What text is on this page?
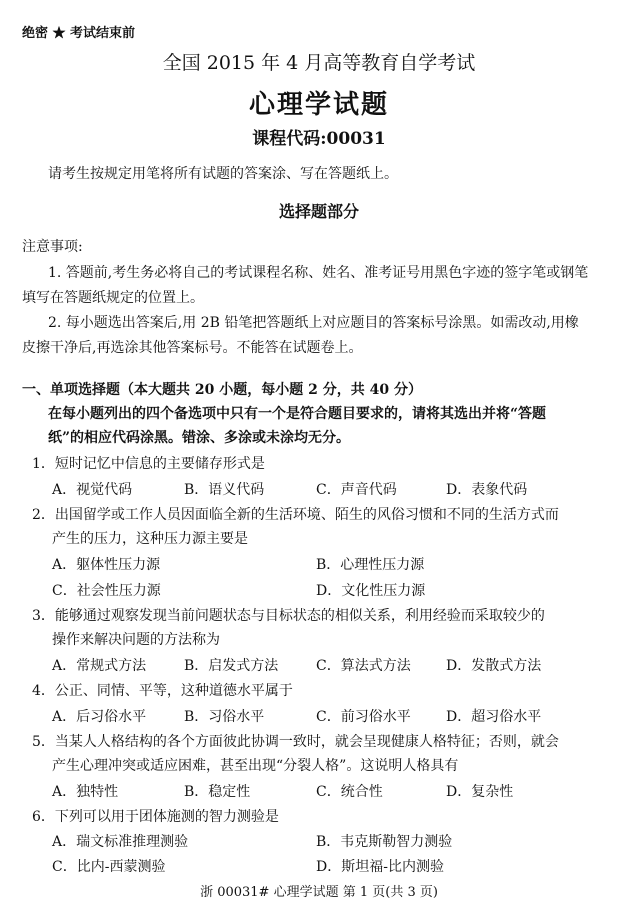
绝密 ★ 考试结束前
全国 2015 年 4 月高等教育自学考试
心理学试题
课程代码:00031
请考生按规定用笔将所有试题的答案涂、写在答题纸上。
选择题部分
注意事项:
1. 答题前,考生务必将自己的考试课程名称、姓名、准考证号用黑色字迹的签字笔或钢笔
填写在答题纸规定的位置上。
2. 每小题选出答案后,用 2B 铅笔把答题纸上对应题目的答案标号涂黑。如需改动,用橡
皮擦干净后,再选涂其他答案标号。不能答在试题卷上。
一、单项选择题（本大题共 20 小题，每小题 2 分，共 40 分）
在每小题列出的四个备选项中只有一个是符合题目要求的，请将其选出并将“答题
纸”的相应代码涂黑。错涂、多涂或未涂均无分。
1．短时记忆中信息的主要储存形式是
A．视觉代码	B．语义代码	C．声音代码	D．表象代码
2．出国留学或工作人员因面临全新的生活环境、陌生的风俗习惯和不同的生活方式而
产生的压力，这种压力源主要是
A．躯体性压力源	B．心理性压力源
C．社会性压力源	D．文化性压力源
3．能够通过观察发现当前问题状态与目标状态的相似关系，利用经验而采取较少的
操作来解决问题的方法称为
A．常规式方法	B．启发式方法	C．算法式方法	D．发散式方法
4．公正、同情、平等，这种道德水平属于
A．后习俗水平	B．习俗水平	C．前习俗水平	D．超习俗水平
5．当某人人格结构的各个方面彼此协调一致时，就会呈现健康人格特征；否则，就会
产生心理冲突或适应困难，甚至出现“分裂人格”。这说明人格具有
A．独特性	B．稳定性	C．统合性	D．复杂性
6．下列可以用于团体施测的智力测验是
A．瑞文标准推理测验	B．韦克斯勒智力测验
C．比内-西蒙测验	D．斯坦福-比内测验
浙 00031# 心理学试题 第 1 页(共 3 页)
